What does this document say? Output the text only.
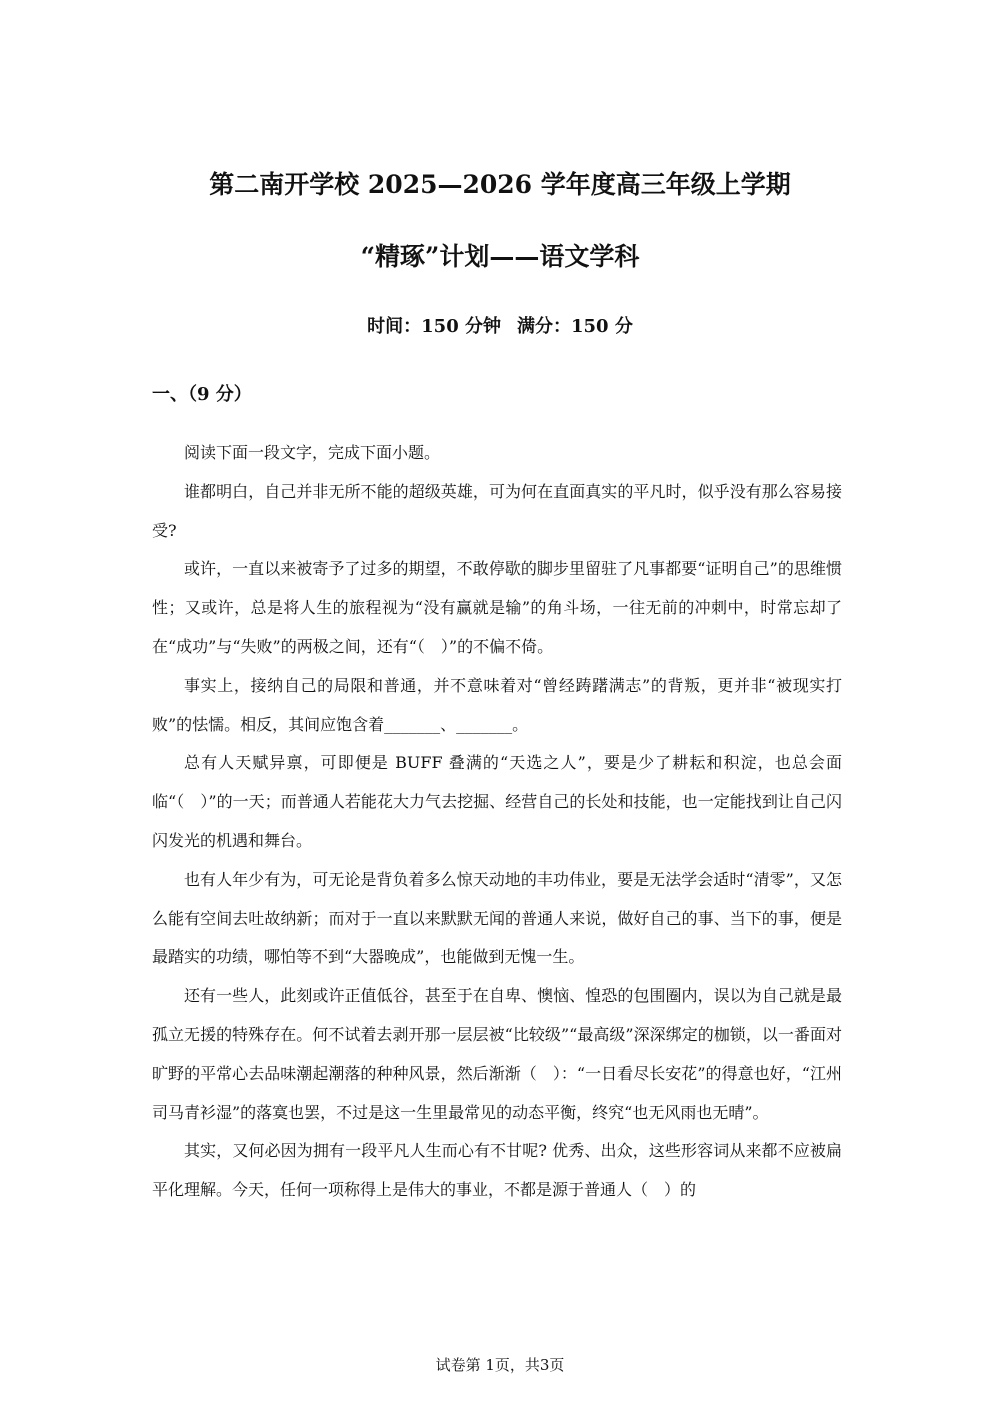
第二南开学校 2025—2026 学年度高三年级上学期
“精琢”计划——语文学科
时间：150 分钟 满分：150 分
一、（9 分）

阅读下面一段文字，完成下面小题。

谁都明白，自己并非无所不能的超级英雄，可为何在直面真实的平凡时，似乎没有那么容易接受?

或许，一直以来被寄予了过多的期望，不敢停歇的脚步里留驻了凡事都要“证明自己”的思维惯性；又或许，总是将人生的旅程视为“没有赢就是输”的角斗场，一往无前的冲刺中，时常忘却了在“成功”与“失败”的两极之间，还有“（　）”的不偏不倚。

事实上，接纳自己的局限和普通，并不意味着对“曾经踌躇满志”的背叛，更并非“被现实打败”的怯懦。相反，其间应饱含着_______、_______。

总有人天赋异禀，可即便是 BUFF 叠满的“天选之人”，要是少了耕耘和积淀，也总会面临“（　）”的一天；而普通人若能花大力气去挖掘、经营自己的长处和技能，也一定能找到让自己闪闪发光的机遇和舞台。

也有人年少有为，可无论是背负着多么惊天动地的丰功伟业，要是无法学会适时“清零”，又怎么能有空间去吐故纳新；而对于一直以来默默无闻的普通人来说，做好自己的事、当下的事，便是最踏实的功绩，哪怕等不到“大器晚成”，也能做到无愧一生。

还有一些人，此刻或许正值低谷，甚至于在自卑、懊恼、惶恐的包围圈内，误以为自己就是最孤立无援的特殊存在。何不试着去剥开那一层层被“比较级”“最高级”深深绑定的枷锁，以一番面对旷野的平常心去品味潮起潮落的种种风景，然后渐渐（　）：“一日看尽长安花”的得意也好，“江州司马青衫湿”的落寞也罢，不过是这一生里最常见的动态平衡，终究“也无风雨也无晴”。

其实，又何必因为拥有一段平凡人生而心有不甘呢? 优秀、出众，这些形容词从来都不应被扁平化理解。今天，任何一项称得上是伟大的事业，不都是源于普通人（　）的

试卷第 1页，共3页
